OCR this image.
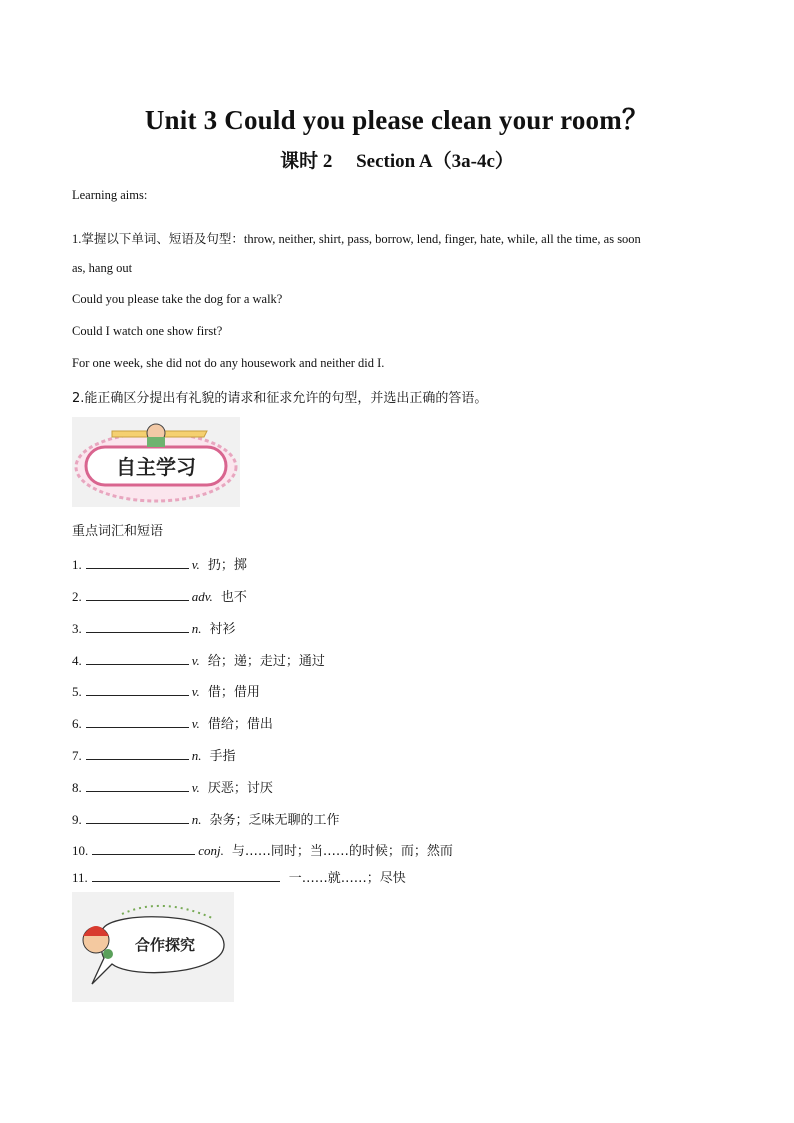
Unit 3 Could you please clean your room？
课时 2　 Section A（3a-4c）
Learning aims:
1.掌握以下单词、短语及句型：throw, neither, shirt, pass, borrow, lend, finger, hate, while, all the time, as soon
as, hang out
Could you please take the dog for a walk?
Could I watch one show first?
For one week, she did not do any housework and neither did I.
2.能正确区分提出有礼貌的请求和征求允许的句型，并选出正确的答语。
自主学习
重点词汇和短语
1.	v. 扔；掷
2.	adv. 也不
3.	n. 衬衫
4.	v. 给；递；走过；通过
5.	v. 借；借用
6.	v. 借给；借出
7.	n. 手指
8.	v. 厌恶；讨厌
9.	n. 杂务；乏味无聊的工作
10.	conj. 与……同时；当……的时候；而；然而
11.	一……就……；尽快
合作探究
